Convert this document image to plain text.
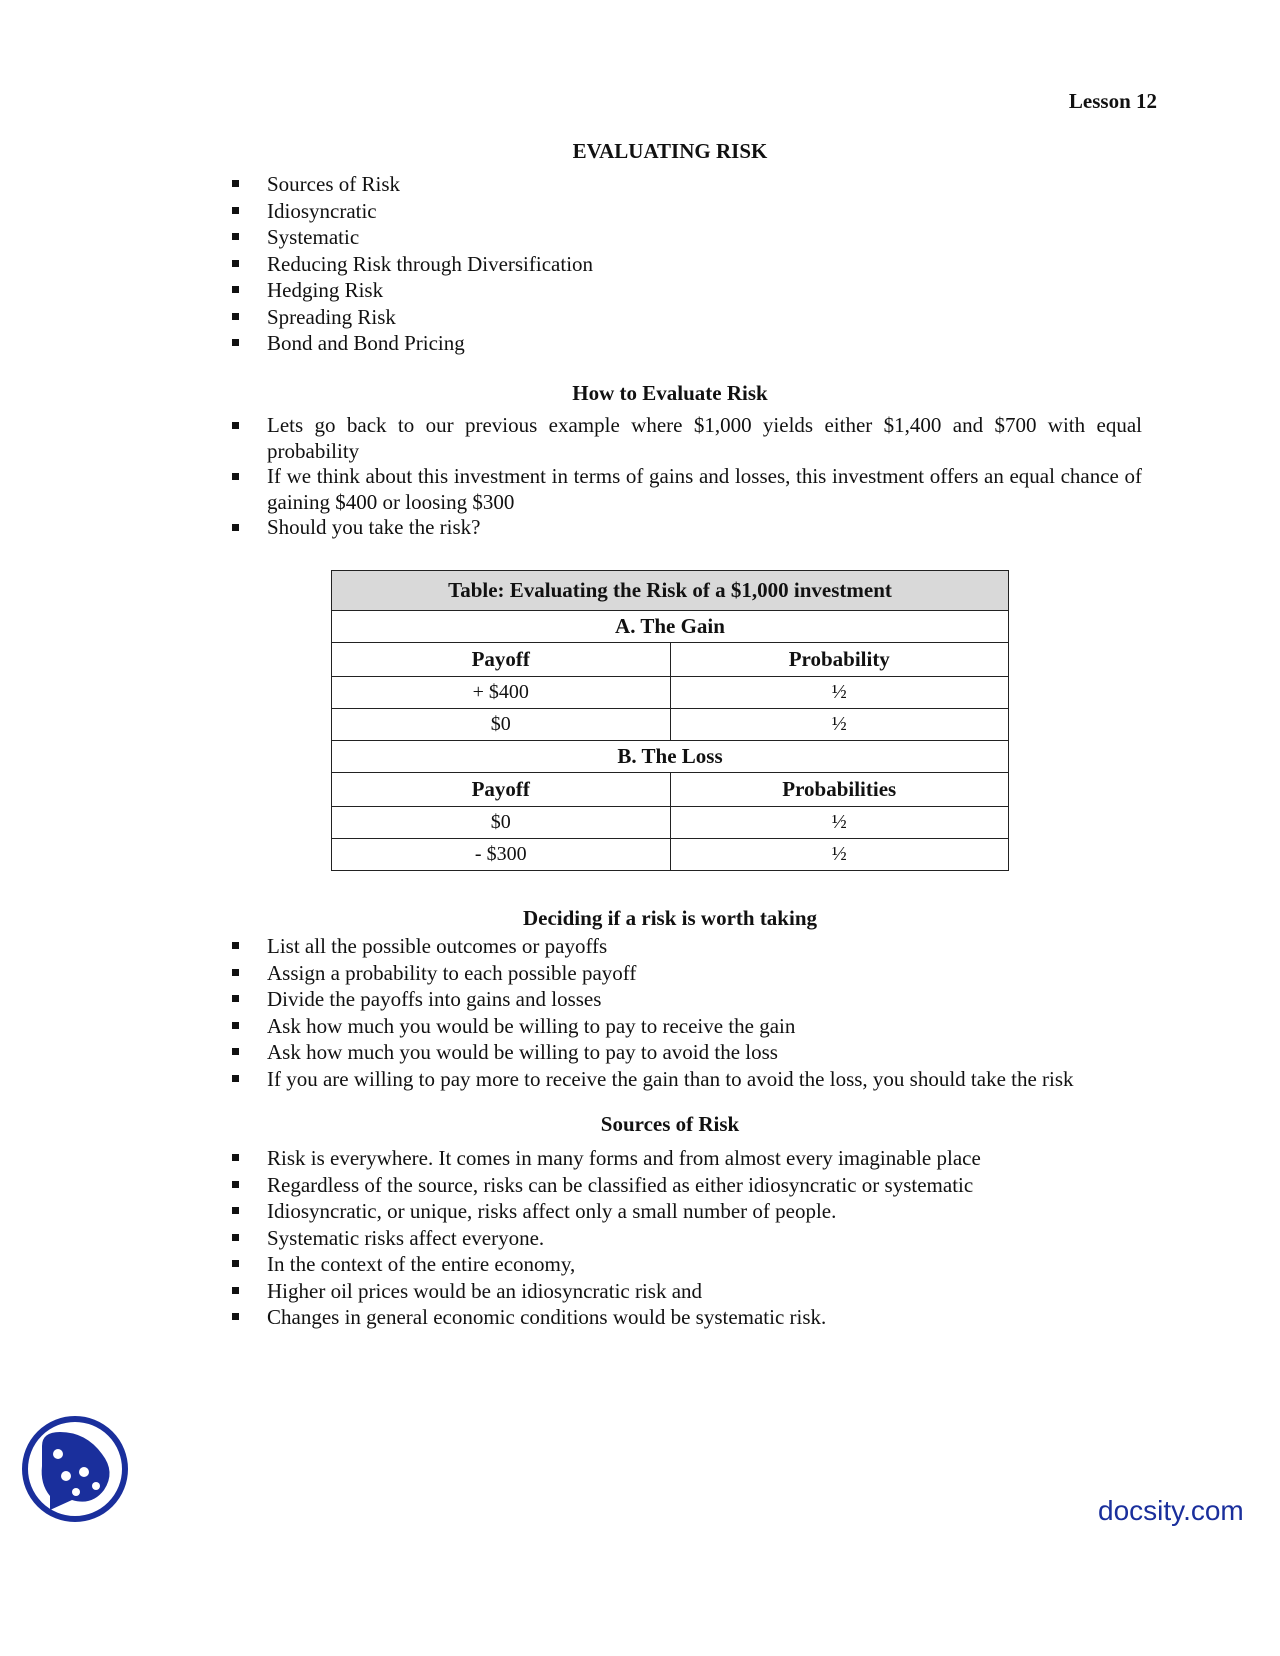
Lesson 12
EVALUATING RISK
Sources of Risk
Idiosyncratic
Systematic
Reducing Risk through Diversification
Hedging Risk
Spreading Risk
Bond and Bond Pricing
How to Evaluate Risk
Lets go back to our previous example where $1,000 yields either $1,400 and $700 with equal probability
If we think about this investment in terms of gains and losses, this investment offers an equal chance of gaining $400 or loosing $300
Should you take the risk?
Table: Evaluating the Risk of a $1,000 investment	
A. The Gain	
Payoff	Probability
+ $400	½
$0	½
B. The Loss	
Payoff	Probabilities
$0	½
- $300	½
Deciding if a risk is worth taking
List all the possible outcomes or payoffs
Assign a probability to each possible payoff
Divide the payoffs into gains and losses
Ask how much you would be willing to pay to receive the gain
Ask how much you would be willing to pay to avoid the loss
If you are willing to pay more to receive the gain than to avoid the loss, you should take the risk
Sources of Risk
Risk is everywhere. It comes in many forms and from almost every imaginable place
Regardless of the source, risks can be classified as either idiosyncratic or systematic
Idiosyncratic, or unique, risks affect only a small number of people.
Systematic risks affect everyone.
In the context of the entire economy,
Higher oil prices would be an idiosyncratic risk and
Changes in general economic conditions would be systematic risk.
docsity.com
